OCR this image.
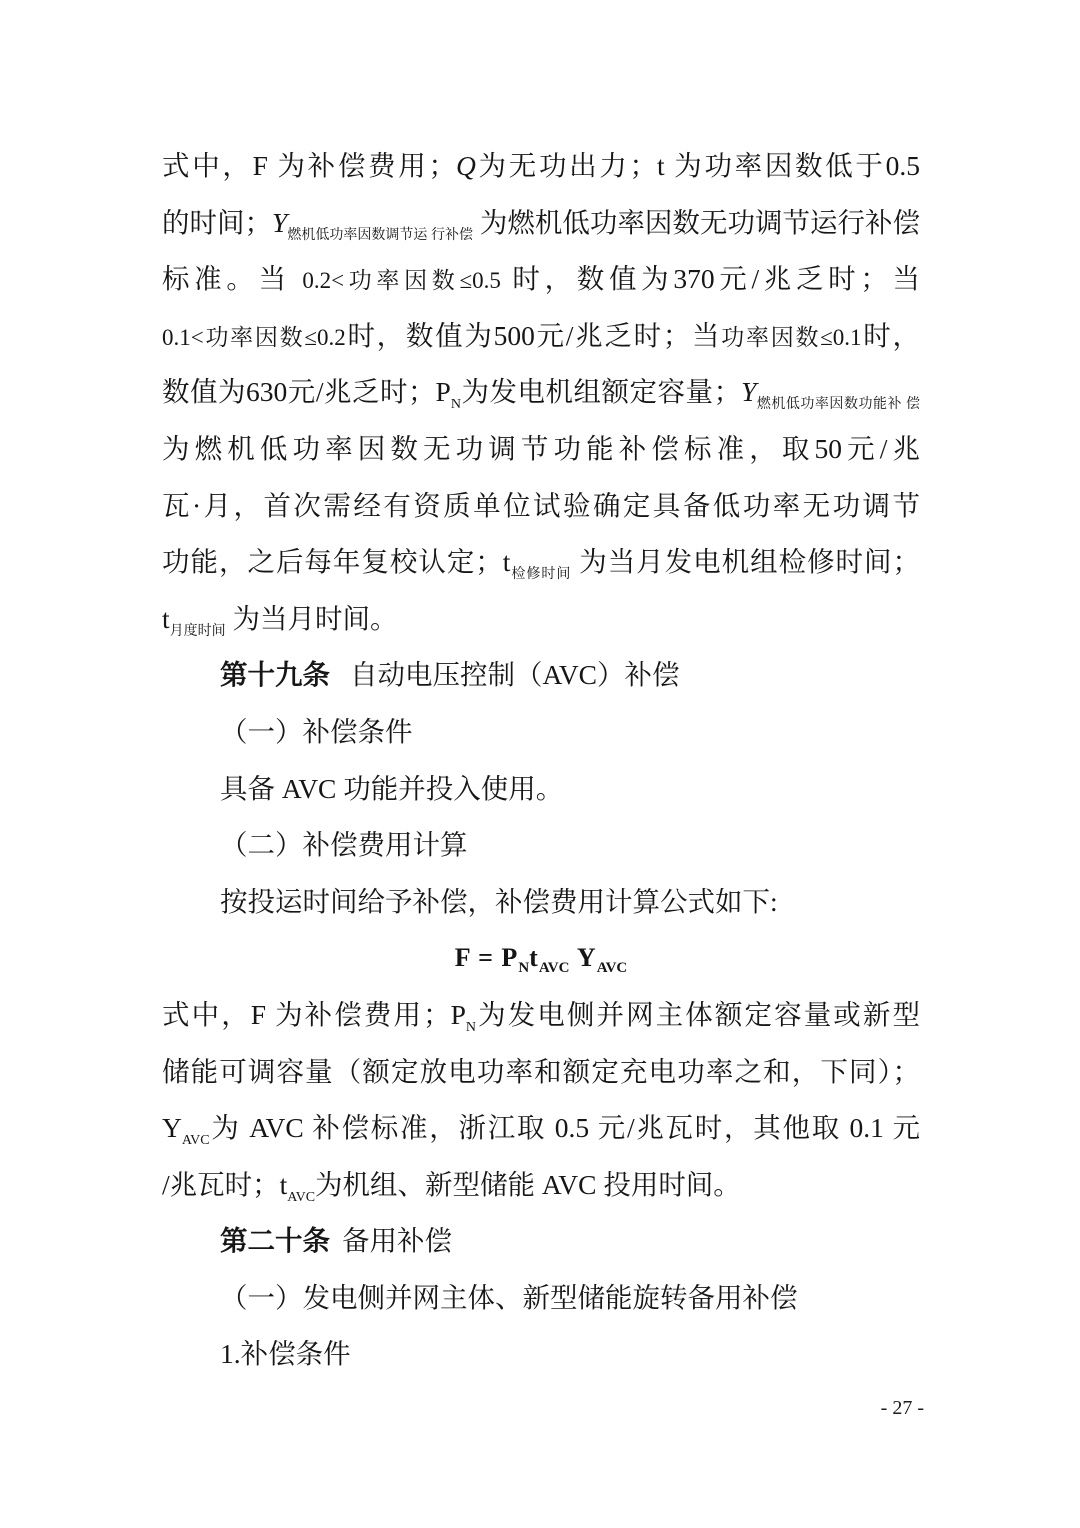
式中，F 为补偿费用；Q为无功出力；t 为功率因数低于0.5
的时间；$Y_{燃机低功率因数调节运 行补偿}$ 为燃机低功率因数无功调节运行补偿
标准。当 0.2<功率因数≤0.5 时，数值为370元/兆乏时；当
0.1<功率因数≤0.2时，数值为500元/兆乏时；当功率因数≤0.1时，
数值为630元/兆乏时；$P_N$为发电机组额定容量；$Y_{燃机低功率因数功能补 偿}$
为燃机低功率因数无功调节功能补偿标准，取50元/兆
瓦·月，首次需经有资质单位试验确定具备低功率无功调节
功能，之后每年复校认定；$t_{检修时间}$ 为当月发电机组检修时间；
$t_{月度时间}$ 为当月时间。
第十九条 自动电压控制（AVC）补偿
（一）补偿条件
具备 AVC 功能并投入使用。
（二）补偿费用计算
按投运时间给予补偿，补偿费用计算公式如下:
$F = P_Nt_{AVC}$ $Y_{AVC}$
式中，F 为补偿费用；$P_N$为发电侧并网主体额定容量或新型
储能可调容量（额定放电功率和额定充电功率之和，下同）；
$Y_{AVC}$为 AVC 补偿标准，浙江取 0.5 元/兆瓦时，其他取 0.1 元
/兆瓦时；$t_{AVC}$为机组、新型储能 AVC 投用时间。
第二十条 备用补偿
（一）发电侧并网主体、新型储能旋转备用补偿
1.补偿条件
- 27 -
